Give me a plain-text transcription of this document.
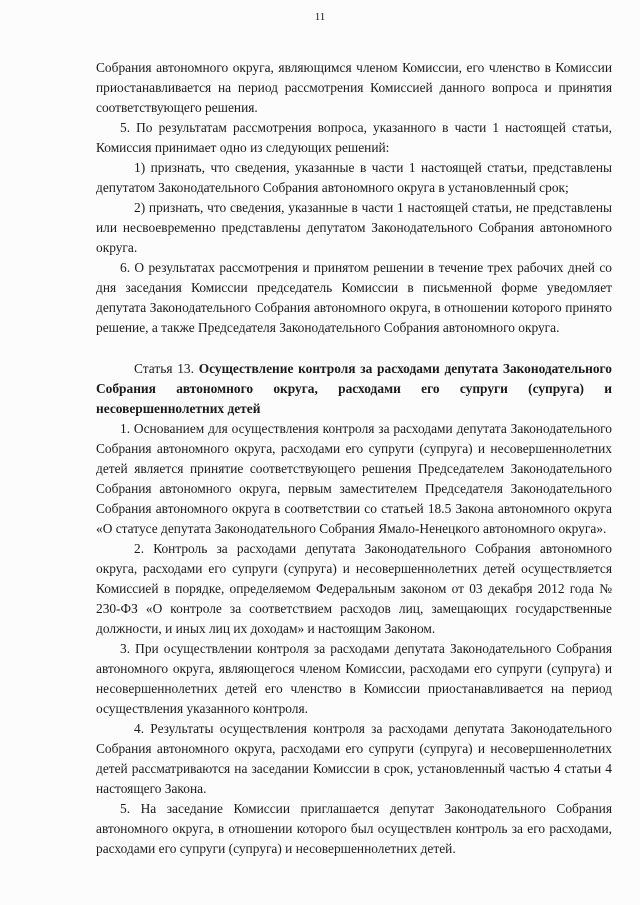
11

Собрания автономного округа, являющимся членом Комиссии, его членство в Комиссии приостанавливается на период рассмотрения Комиссией данного вопроса и принятия соответствующего решения.

5. По результатам рассмотрения вопроса, указанного в части 1 настоящей статьи, Комиссия принимает одно из следующих решений:

1) признать, что сведения, указанные в части 1 настоящей статьи, представлены депутатом Законодательного Собрания автономного округа в установленный срок;

2) признать, что сведения, указанные в части 1 настоящей статьи, не представлены или несвоевременно представлены депутатом Законодательного Собрания автономного округа.

6. О результатах рассмотрения и принятом решении в течение трех рабочих дней со дня заседания Комиссии председатель Комиссии в письменной форме уведомляет депутата Законодательного Собрания автономного округа, в отношении которого принято решение, а также Председателя Законодательного Собрания автономного округа.

Статья 13. Осуществление контроля за расходами депутата Законодательного Собрания автономного округа, расходами его супруги (супруга) и несовершеннолетних детей

1. Основанием для осуществления контроля за расходами депутата Законодательного Собрания автономного округа, расходами его супруги (супруга) и несовершеннолетних детей является принятие соответствующего решения Председателем Законодательного Собрания автономного округа, первым заместителем Председателя Законодательного Собрания автономного округа в соответствии со статьей 18.5 Закона автономного округа «О статусе депутата Законодательного Собрания Ямало-Ненецкого автономного округа».

2. Контроль за расходами депутата Законодательного Собрания автономного округа, расходами его супруги (супруга) и несовершеннолетних детей осуществляется Комиссией в порядке, определяемом Федеральным законом от 03 декабря 2012 года № 230-ФЗ «О контроле за соответствием расходов лиц, замещающих государственные должности, и иных лиц их доходам» и настоящим Законом.

3. При осуществлении контроля за расходами депутата Законодательного Собрания автономного округа, являющегося членом Комиссии, расходами его супруги (супруга) и несовершеннолетних детей его членство в Комиссии приостанавливается на период осуществления указанного контроля.

4. Результаты осуществления контроля за расходами депутата Законодательного Собрания автономного округа, расходами его супруги (супруга) и несовершеннолетних детей рассматриваются на заседании Комиссии в срок, установленный частью 4 статьи 4 настоящего Закона.

5. На заседание Комиссии приглашается депутат Законодательного Собрания автономного округа, в отношении которого был осуществлен контроль за его расходами, расходами его супруги (супруга) и несовершеннолетних детей.
